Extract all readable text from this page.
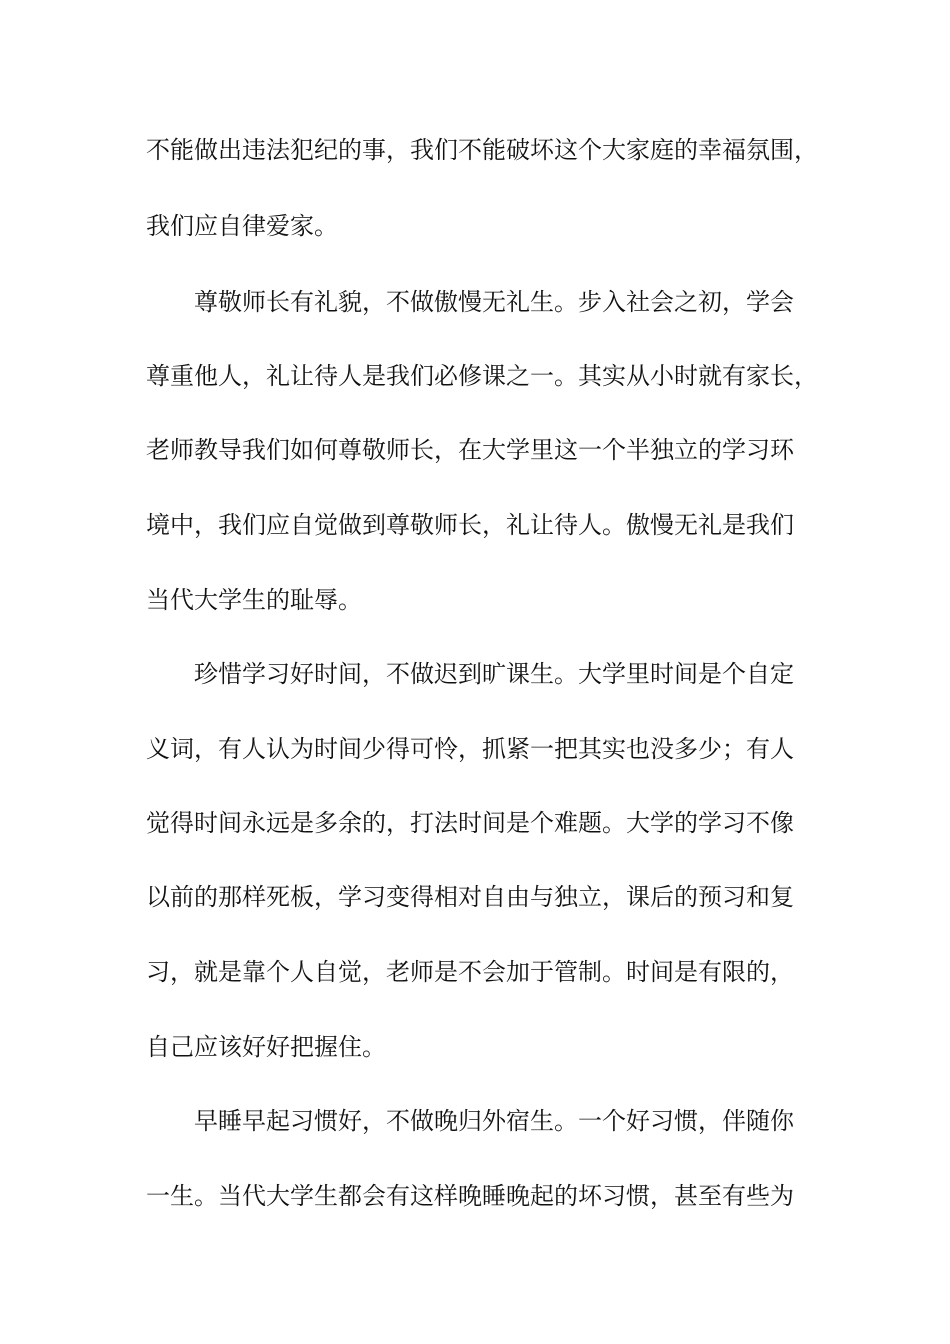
不能做出违法犯纪的事，我们不能破坏这个大家庭的幸福氛围，
我们应自律爱家。
尊敬师长有礼貌，不做傲慢无礼生。步入社会之初，学会
尊重他人，礼让待人是我们必修课之一。其实从小时就有家长，
老师教导我们如何尊敬师长，在大学里这一个半独立的学习环
境中，我们应自觉做到尊敬师长，礼让待人。傲慢无礼是我们
当代大学生的耻辱。
珍惜学习好时间，不做迟到旷课生。大学里时间是个自定
义词，有人认为时间少得可怜，抓紧一把其实也没多少；有人
觉得时间永远是多余的，打法时间是个难题。大学的学习不像
以前的那样死板，学习变得相对自由与独立，课后的预习和复
习，就是靠个人自觉，老师是不会加于管制。时间是有限的，
自己应该好好把握住。
早睡早起习惯好，不做晚归外宿生。一个好习惯，伴随你
一生。当代大学生都会有这样晚睡晚起的坏习惯，甚至有些为
